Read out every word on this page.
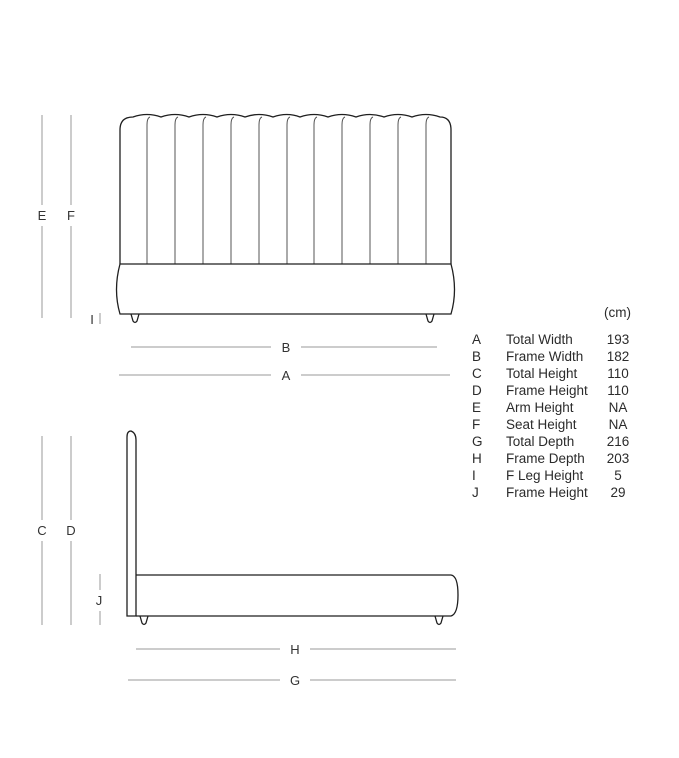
E F
I
B
A
C D
J
H
G
(cm)
A Total Width	193
B Frame Width	182
C Total Height	110
D Frame Height	110
E Arm Height	NA
F Seat Height	NA
G Total Depth	216
H Frame Depth	203
I F Leg Height	5
J Frame Height	29
